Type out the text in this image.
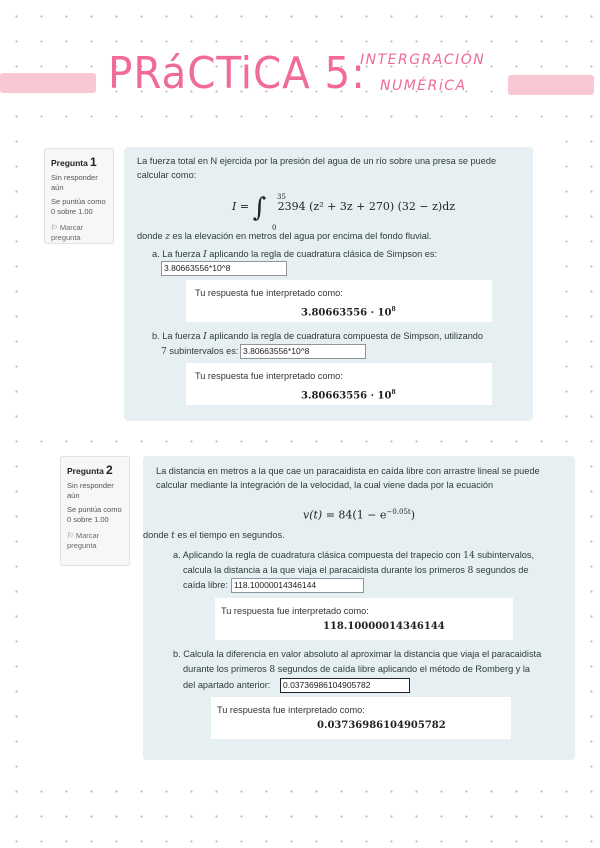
PRáCTiCA 5:
INTERGRACIÓN
NUMÉRiCA
Pregunta 1
Sin responder aún
Se puntúa como 0 sobre 1.00
⚐ Marcar pregunta

La fuerza total en N ejercida por la presión del agua de un río sobre una presa se puede calcular como:

I = ∫ 35
0
2394 (z² + 3z + 270) (32 − z)dz

donde z es la elevación en metros del agua por encima del fondo fluvial.

a. La fuerza I aplicando la regla de cuadratura clásica de Simpson es:

3.80663556*10^8
Tu respuesta fue interpretado como:
$3.80663556 \cdot 10^8$

b. La fuerza I aplicando la regla de cuadratura compuesta de Simpson, utilizando

7 subintervalos es: 3.80663556*10^8
Tu respuesta fue interpretado como:
$3.80663556 \cdot 10^8$
Pregunta 2
Sin responder aún
Se puntúa como 0 sobre 1.00
⚐ Marcar pregunta

La distancia en metros a la que cae un paracaidista en caída libre con arrastre lineal se puede calcular mediante la integración de la velocidad, la cual viene dada por la ecuación

$v(t) = 84(1 - e^{-0.05t})$

donde t es el tiempo en segundos.

a. Aplicando la regla de cuadratura clásica compuesta del trapecio con 14 subintervalos,

calcula la distancia a la que viaja el paracaidista durante los primeros 8 segundos de

caída libre: 118.10000014346144
Tu respuesta fue interpretado como:
118.10000014346144

b. Calcula la diferencia en valor absoluto al aproximar la distancia que viaja el paracaidista

durante los primeros 8 segundos de caída libre aplicando el método de Romberg y la

del apartado anterior:	0.03736986104905782
Tu respuesta fue interpretado como:
0.03736986104905782
